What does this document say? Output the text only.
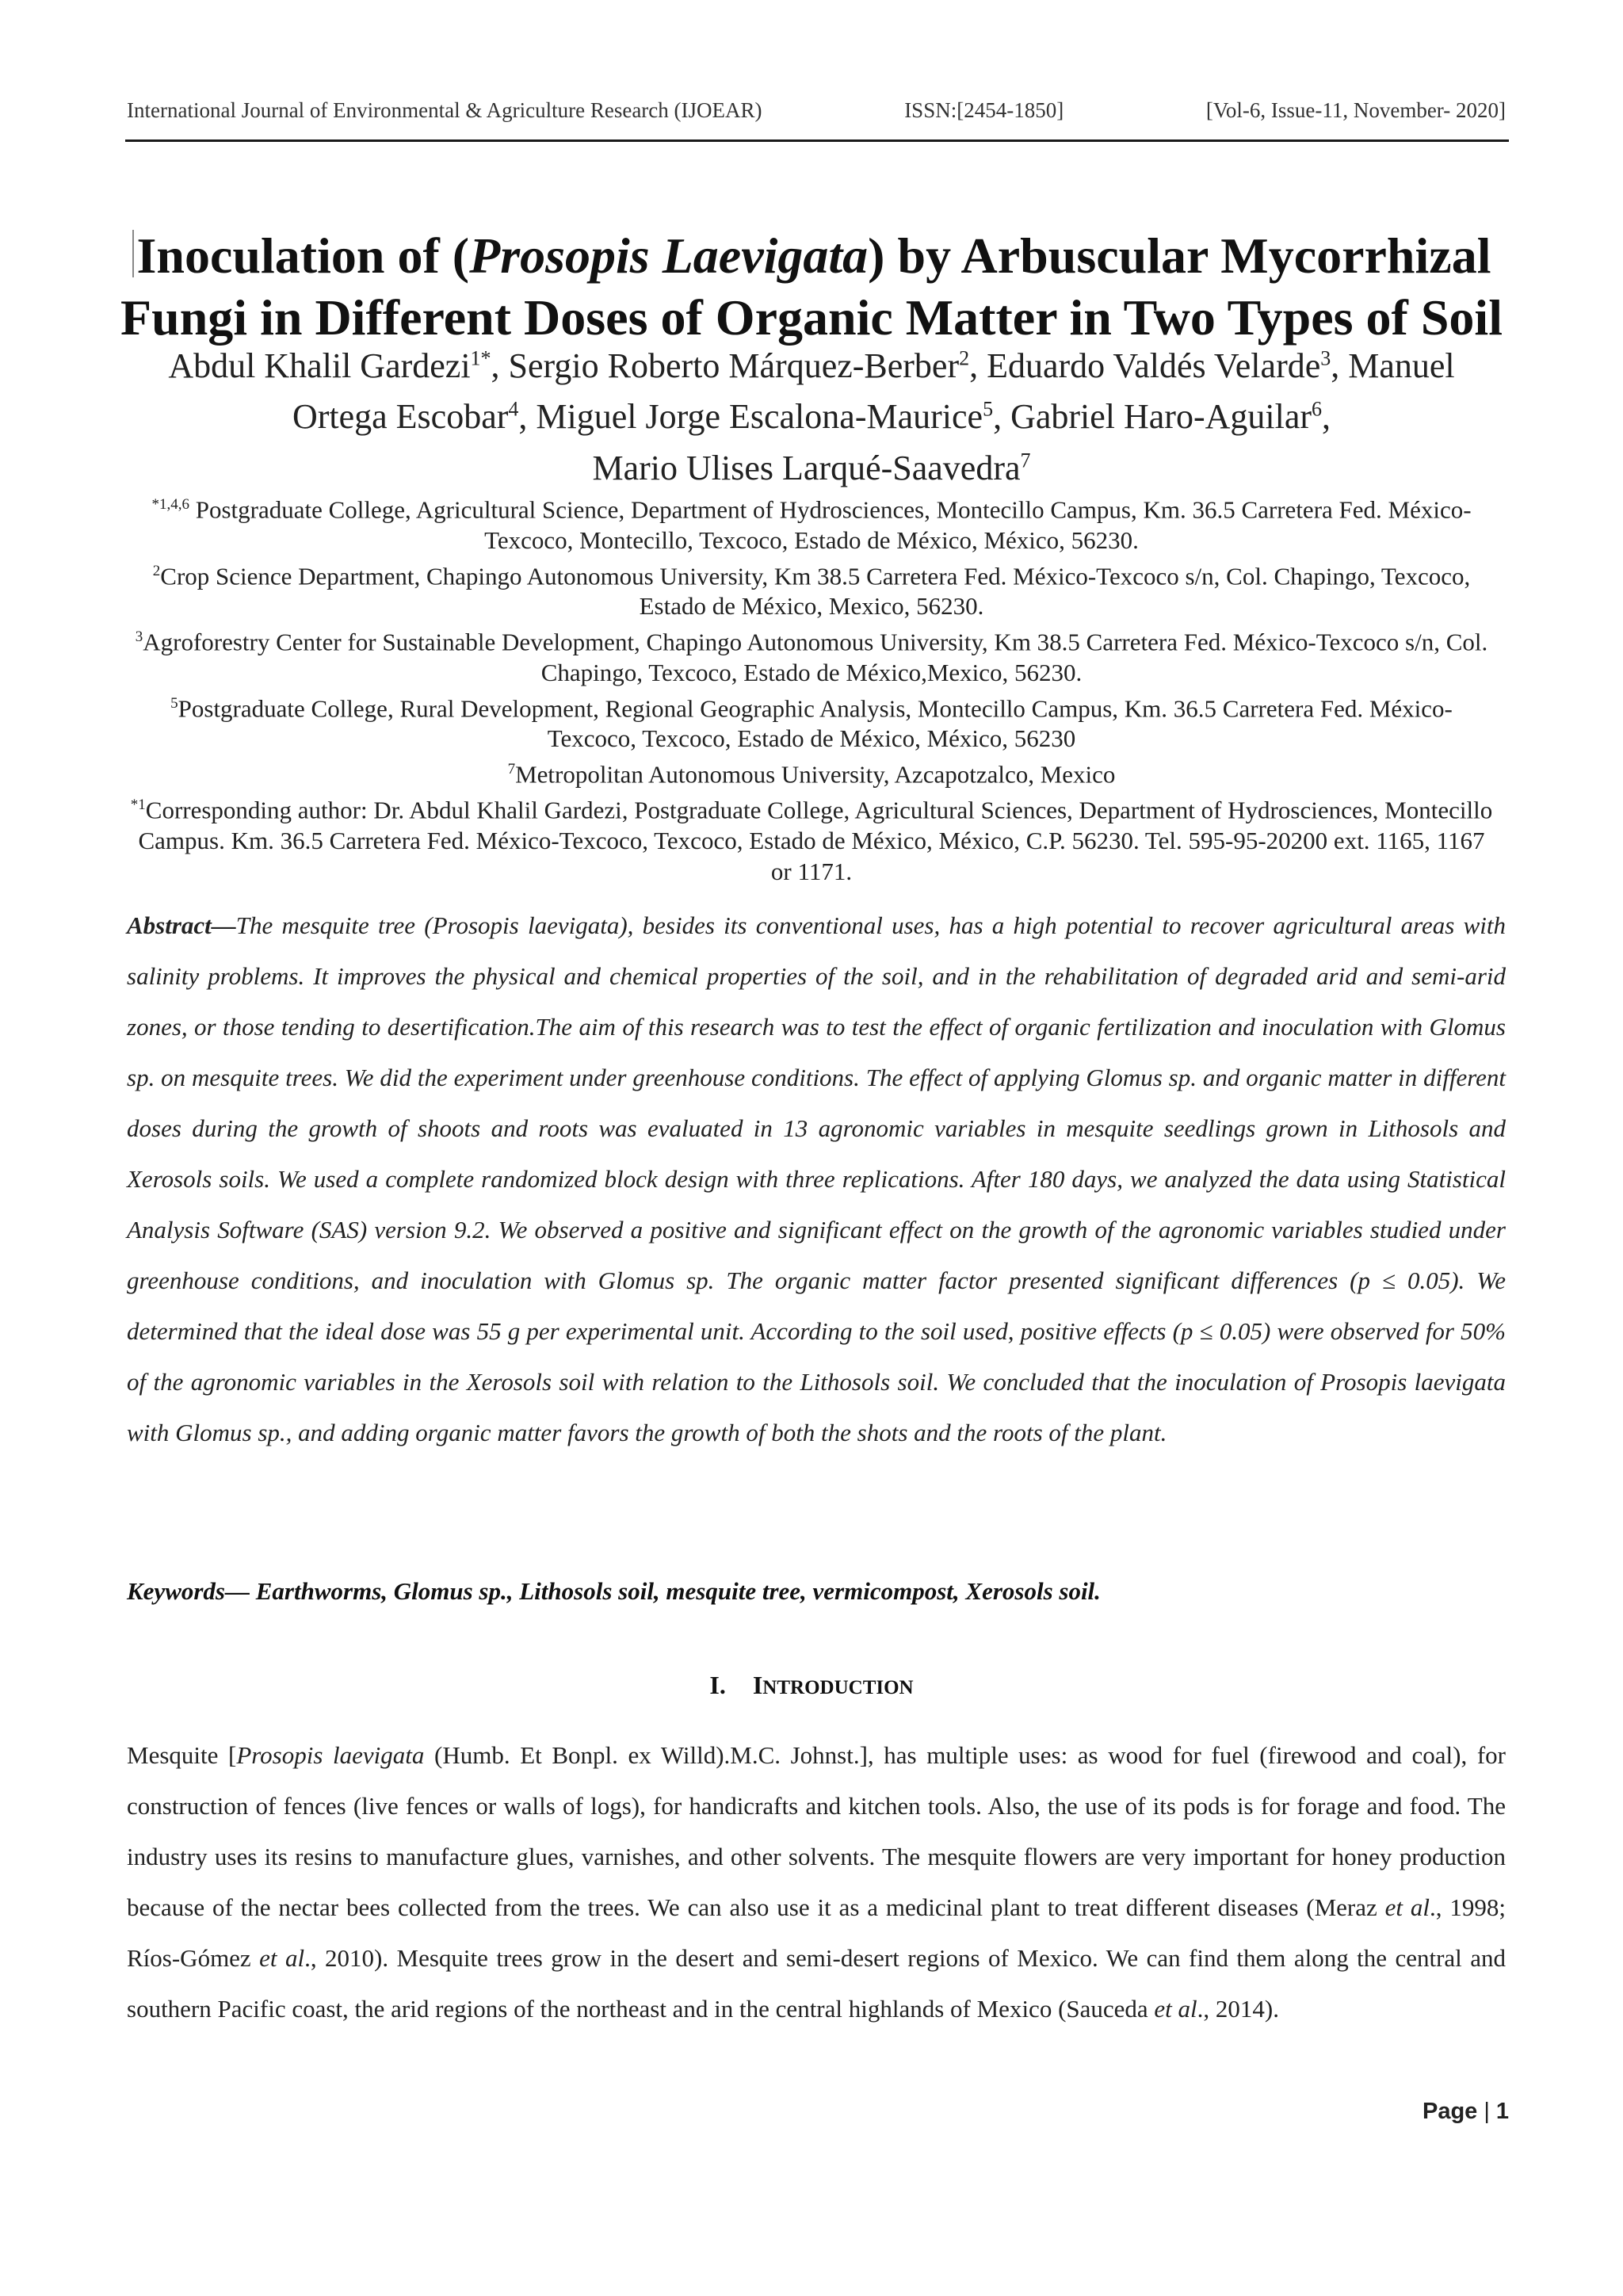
International Journal of Environmental & Agriculture Research (IJOEAR)	ISSN:[2454-1850]	[Vol-6, Issue-11, November- 2020]
Inoculation of (Prosopis Laevigata) by Arbuscular Mycorrhizal Fungi in Different Doses of Organic Matter in Two Types of Soil
Abdul Khalil Gardezi$^{1*}$, Sergio Roberto Márquez-Berber$^2$, Eduardo Valdés Velarde$^3$, Manuel Ortega Escobar$^4$, Miguel Jorge Escalona-Maurice$^5$, Gabriel Haro-Aguilar$^6$,
Mario Ulises Larqué-Saavedra$^7$

$^{*1,4,6}$ Postgraduate College, Agricultural Science, Department of Hydrosciences, Montecillo Campus, Km. 36.5 Carretera Fed. México-Texcoco, Montecillo, Texcoco, Estado de México, México, 56230.

$^2$Crop Science Department, Chapingo Autonomous University, Km 38.5 Carretera Fed. México-Texcoco s/n, Col. Chapingo, Texcoco, Estado de México, Mexico, 56230.

$^3$Agroforestry Center for Sustainable Development, Chapingo Autonomous University, Km 38.5 Carretera Fed. México-Texcoco s/n, Col. Chapingo, Texcoco, Estado de México,Mexico, 56230.

$^5$Postgraduate College, Rural Development, Regional Geographic Analysis, Montecillo Campus, Km. 36.5 Carretera Fed. México-Texcoco, Texcoco, Estado de México, México, 56230

$^7$Metropolitan Autonomous University, Azcapotzalco, Mexico

$^{*1}$Corresponding author: Dr. Abdul Khalil Gardezi, Postgraduate College, Agricultural Sciences, Department of Hydrosciences, Montecillo Campus. Km. 36.5 Carretera Fed. México-Texcoco, Texcoco, Estado de México, México, C.P. 56230. Tel. 595-95-20200 ext. 1165, 1167 or 1171.

Abstract—The mesquite tree (Prosopis laevigata), besides its conventional uses, has a high potential to recover agricultural areas with salinity problems. It improves the physical and chemical properties of the soil, and in the rehabilitation of degraded arid and semi-arid zones, or those tending to desertification.The aim of this research was to test the effect of organic fertilization and inoculation with Glomus sp. on mesquite trees. We did the experiment under greenhouse conditions. The effect of applying Glomus sp. and organic matter in different doses during the growth of shoots and roots was evaluated in 13 agronomic variables in mesquite seedlings grown in Lithosols and Xerosols soils. We used a complete randomized block design with three replications. After 180 days, we analyzed the data using Statistical Analysis Software (SAS) version 9.2. We observed a positive and significant effect on the growth of the agronomic variables studied under greenhouse conditions, and inoculation with Glomus sp. The organic matter factor presented significant differences (p ≤ 0.05). We determined that the ideal dose was 55 g per experimental unit. According to the soil used, positive effects (p ≤ 0.05) were observed for 50% of the agronomic variables in the Xerosols soil with relation to the Lithosols soil. We concluded that the inoculation of Prosopis laevigata with Glomus sp., and adding organic matter favors the growth of both the shots and the roots of the plant.

Keywords— Earthworms, Glomus sp., Lithosols soil, mesquite tree, vermicompost, Xerosols soil.

I. INTRODUCTION

Mesquite [Prosopis laevigata (Humb. Et Bonpl. ex Willd).M.C. Johnst.], has multiple uses: as wood for fuel (firewood and coal), for construction of fences (live fences or walls of logs), for handicrafts and kitchen tools. Also, the use of its pods is for forage and food. The industry uses its resins to manufacture glues, varnishes, and other solvents. The mesquite flowers are very important for honey production because of the nectar bees collected from the trees. We can also use it as a medicinal plant to treat different diseases (Meraz et al., 1998; Ríos-Gómez et al., 2010). Mesquite trees grow in the desert and semi-desert regions of Mexico. We can find them along the central and southern Pacific coast, the arid regions of the northeast and in the central highlands of Mexico (Sauceda et al., 2014).

Page | 1
